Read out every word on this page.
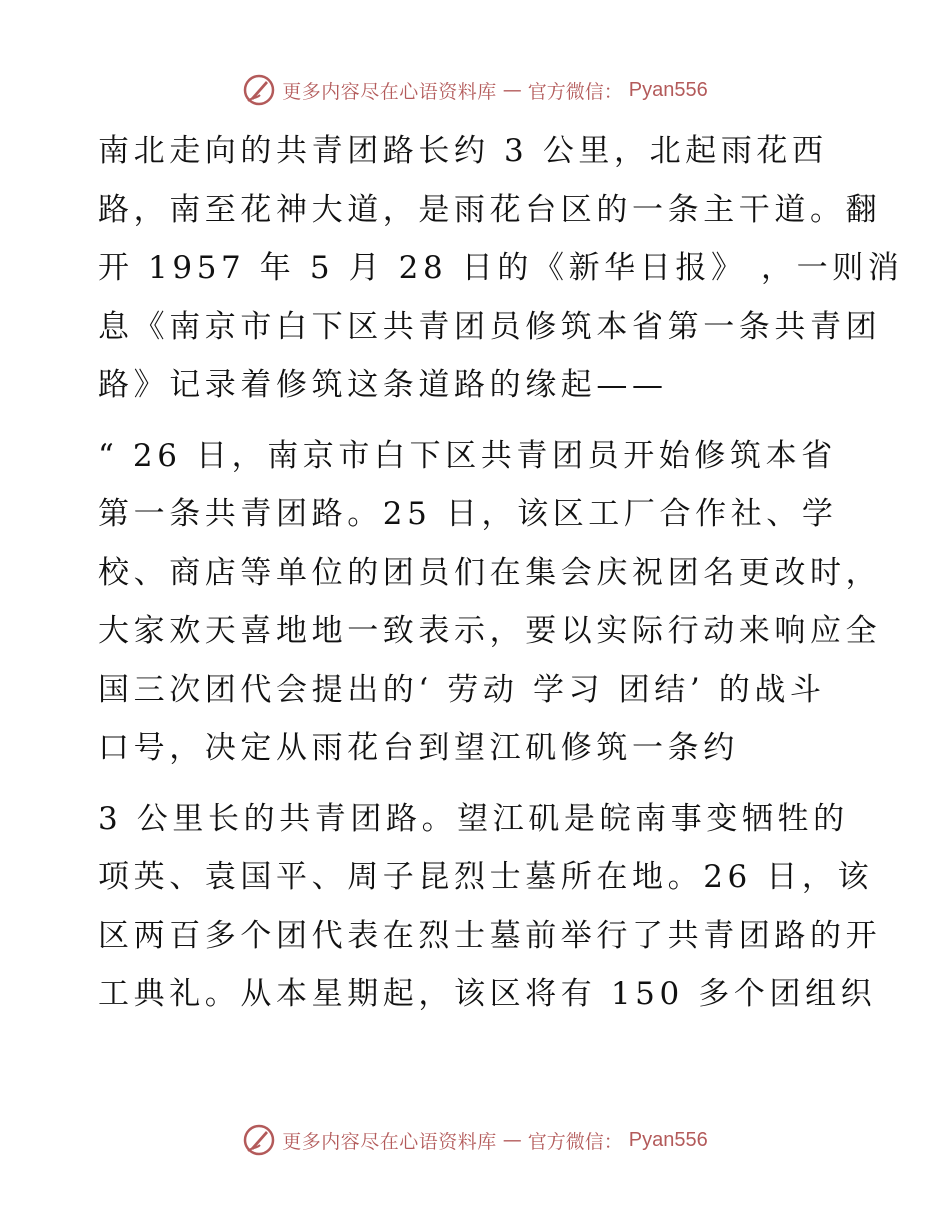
更多内容尽在心语资料库 — 官方微信： Pyan556
南北走向的共青团路长约 3 公里，北起雨花西
路，南至花神大道，是雨花台区的一条主干道。翻
开 1957 年 5 月 28 日的《新华日报》 ，一则消
息《南京市白下区共青团员修筑本省第一条共青团
路》记录着修筑这条道路的缘起——
“ 26 日，南京市白下区共青团员开始修筑本省
第一条共青团路。25 日，该区工厂合作社、学
校、商店等单位的团员们在集会庆祝团名更改时，
大家欢天喜地地一致表示，要以实际行动来响应全
国三次团代会提出的‘ 劳动 学习 团结’ 的战斗
口号，决定从雨花台到望江矶修筑一条约
3 公里长的共青团路。望江矶是皖南事变牺牲的
项英、袁国平、周子昆烈士墓所在地。26 日，该
区两百多个团代表在烈士墓前举行了共青团路的开
工典礼。从本星期起，该区将有 150 多个团组织
更多内容尽在心语资料库 — 官方微信： Pyan556
